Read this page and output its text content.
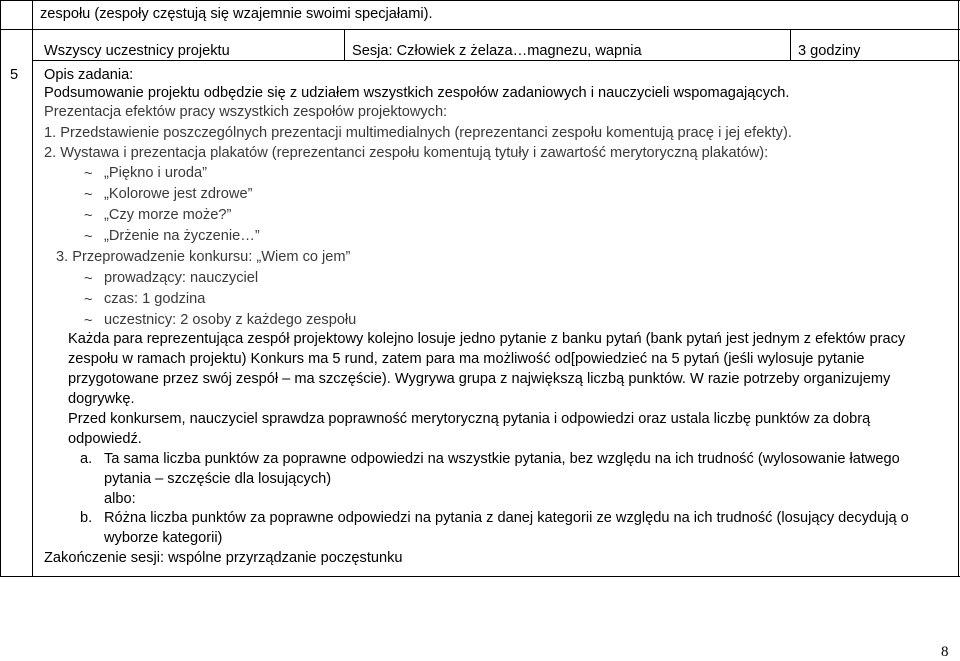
zespołu (zespoły częstują się wzajemnie swoimi specjałami).
5
Wszyscy uczestnicy projektu	Sesja: Człowiek z żelaza…magnezu, wapnia	3 godziny
Opis zadania:
Podsumowanie projektu odbędzie się z udziałem wszystkich zespołów zadaniowych i nauczycieli wspomagających.
Prezentacja efektów pracy wszystkich zespołów projektowych:
1. Przedstawienie poszczególnych prezentacji multimedialnych (reprezentanci zespołu komentują pracę i jej efekty).
2. Wystawa i prezentacja plakatów (reprezentanci zespołu komentują tytuły i zawartość merytoryczną plakatów):
~ „Piękno i uroda”
~ „Kolorowe jest zdrowe”
~ „Czy morze może?”
~ „Drżenie na życzenie…”
3. Przeprowadzenie konkursu: „Wiem co jem”
~ prowadzący: nauczyciel
~ czas: 1 godzina
~ uczestnicy: 2 osoby z każdego zespołu
Każda para reprezentująca zespół projektowy kolejno losuje jedno pytanie z banku pytań (bank pytań jest jednym z efektów pracy
zespołu w ramach projektu) Konkurs ma 5 rund, zatem para ma możliwość od[powiedzieć na 5 pytań (jeśli wylosuje pytanie
przygotowane przez swój zespół – ma szczęście). Wygrywa grupa z największą liczbą punktów. W razie potrzeby organizujemy
dogrywkę.
Przed konkursem, nauczyciel sprawdza poprawność merytoryczną pytania i odpowiedzi oraz ustala liczbę punktów za dobrą
odpowiedź.
a. Ta sama liczba punktów za poprawne odpowiedzi na wszystkie pytania, bez względu na ich trudność (wylosowanie łatwego
pytania – szczęście dla losujących)
albo:
b. Różna liczba punktów za poprawne odpowiedzi na pytania z danej kategorii ze względu na ich trudność (losujący decydują o
wyborze kategorii)
Zakończenie sesji: wspólne przyrządzanie poczęstunku
8
